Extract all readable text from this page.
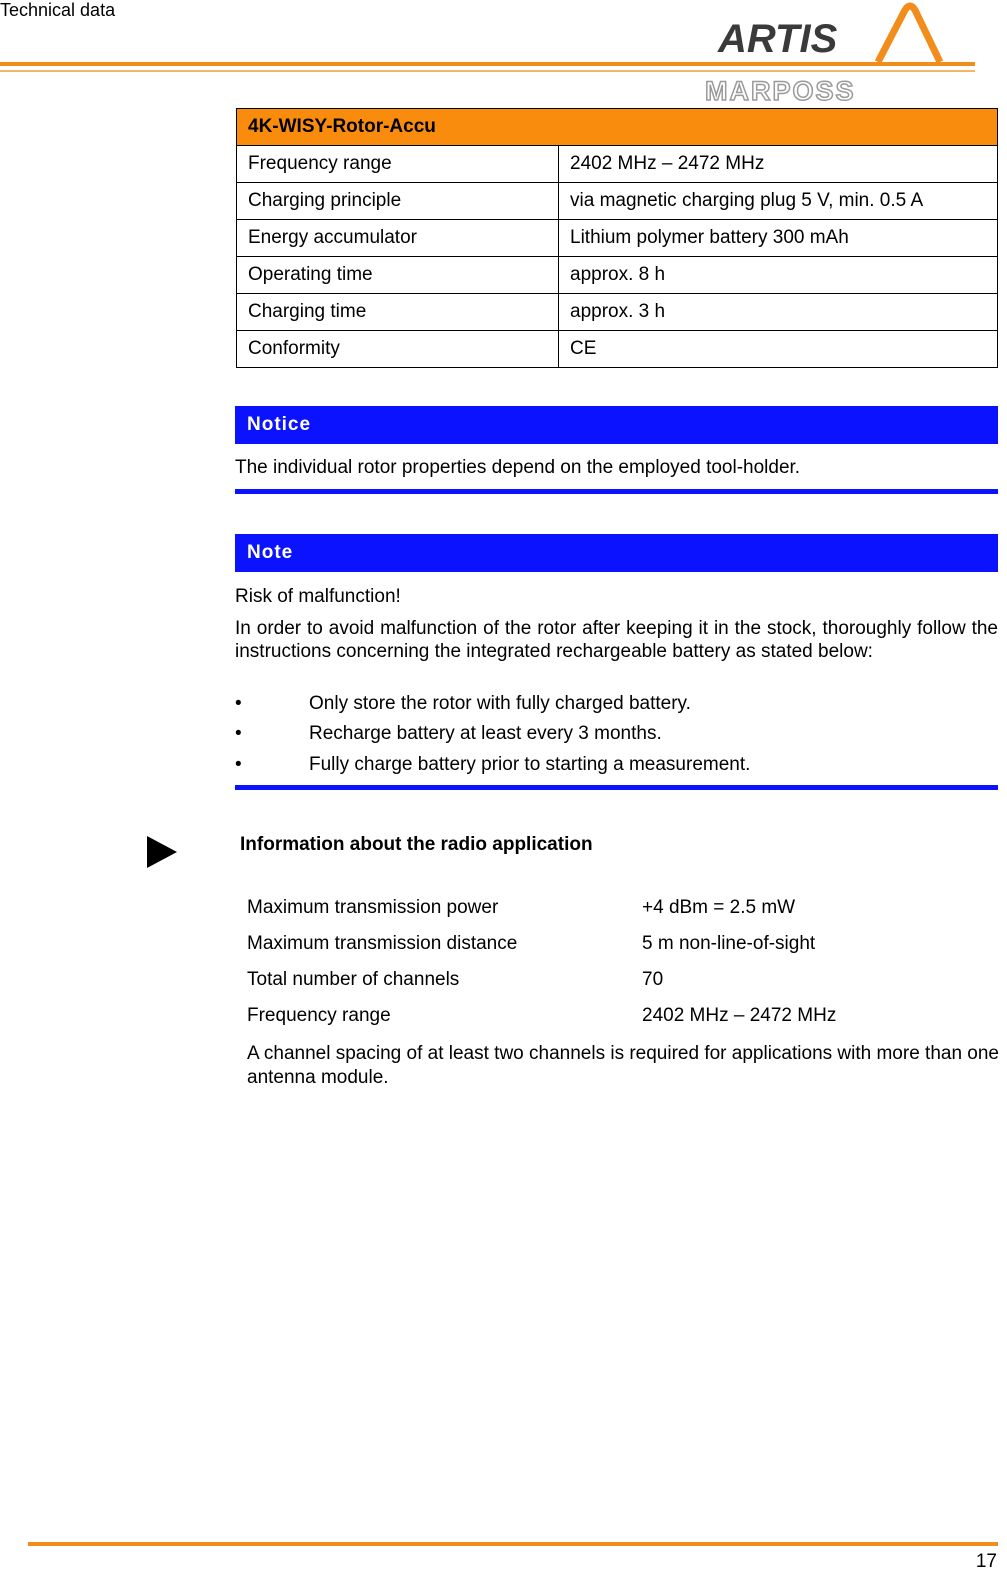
Technical data
ARTIS
MARPOSS
4K-WISY-Rotor-Accu	
Frequency range	2402 MHz – 2472 MHz
Charging principle	via magnetic charging plug 5 V, min. 0.5 A
Energy accumulator	Lithium polymer battery 300 mAh
Operating time	approx. 8 h
Charging time	approx. 3 h
Conformity	CE
Notice
The individual rotor properties depend on the employed tool-holder.
Note
Risk of malfunction!
In order to avoid malfunction of the rotor after keeping it in the stock, thoroughly follow the instructions concerning the integrated rechargeable battery as stated below:
•	Only store the rotor with fully charged battery.
•	Recharge battery at least every 3 months.
•	Fully charge battery prior to starting a measurement.
Information about the radio application
Maximum transmission power	+4 dBm = 2.5 mW
Maximum transmission distance	5 m non-line-of-sight
Total number of channels	70
Frequency range	2402 MHz – 2472 MHz
A channel spacing of at least two channels is required for applications with more than one antenna module.
17
